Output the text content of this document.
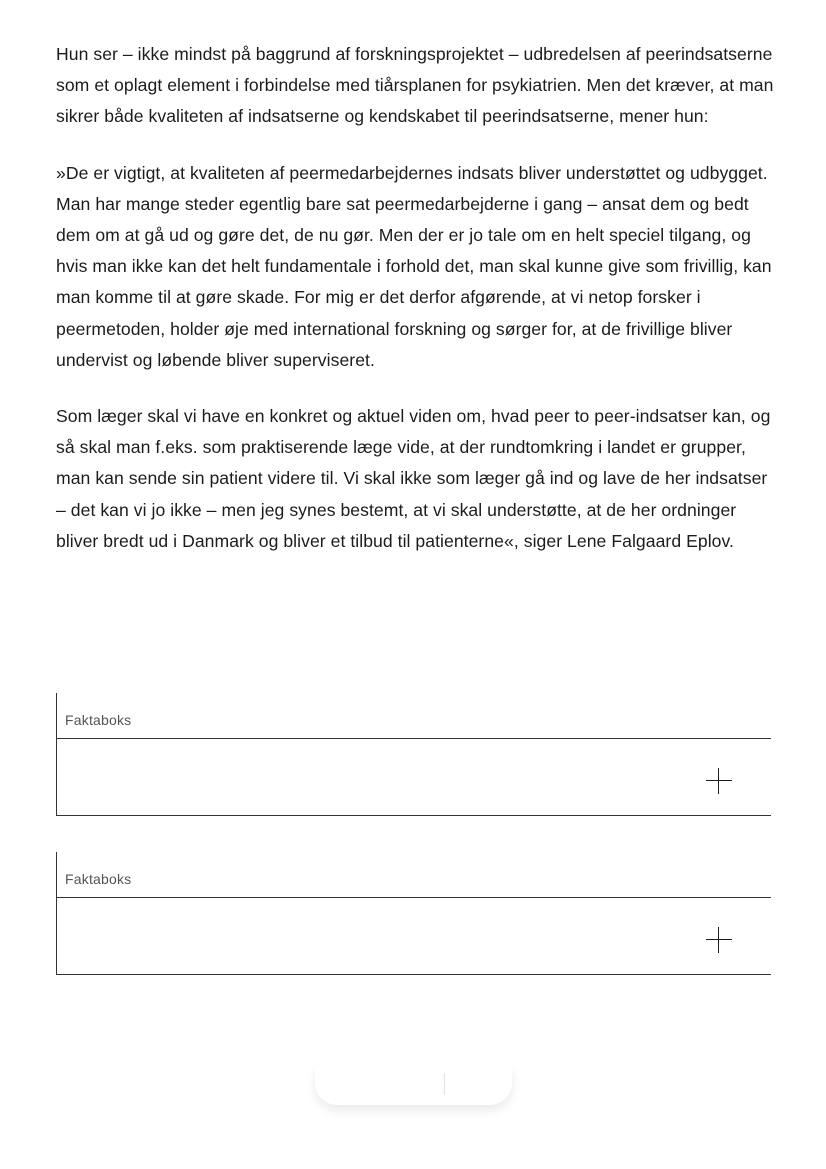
Hun ser – ikke mindst på baggrund af forskningsprojektet – udbredelsen af peerindsatserne som et oplagt element i forbindelse med tiårsplanen for psykiatrien. Men det kræver, at man sikrer både kvaliteten af indsatserne og kendskabet til peerindsatserne, mener hun:

»De er vigtigt, at kvaliteten af peermedarbejdernes indsats bliver understøttet og udbygget. Man har mange steder egentlig bare sat peermedarbejderne i gang – ansat dem og bedt dem om at gå ud og gøre det, de nu gør. Men der er jo tale om en helt speciel tilgang, og hvis man ikke kan det helt fundamentale i forhold det, man skal kunne give som frivillig, kan man komme til at gøre skade. For mig er det derfor afgørende, at vi netop forsker i peermetoden, holder øje med international forskning og sørger for, at de frivillige bliver undervist og løbende bliver superviseret.

Som læger skal vi have en konkret og aktuel viden om, hvad peer to peer-indsatser kan, og så skal man f.eks. som praktiserende læge vide, at der rundtomkring i landet er grupper, man kan sende sin patient videre til. Vi skal ikke som læger gå ind og lave de her indsatser – det kan vi jo ikke – men jeg synes bestemt, at vi skal understøtte, at de her ordninger bliver bredt ud i Danmark og bliver et tilbud til patienterne«, siger Lene Falgaard Eplov.

Faktaboks
Faktaboks
